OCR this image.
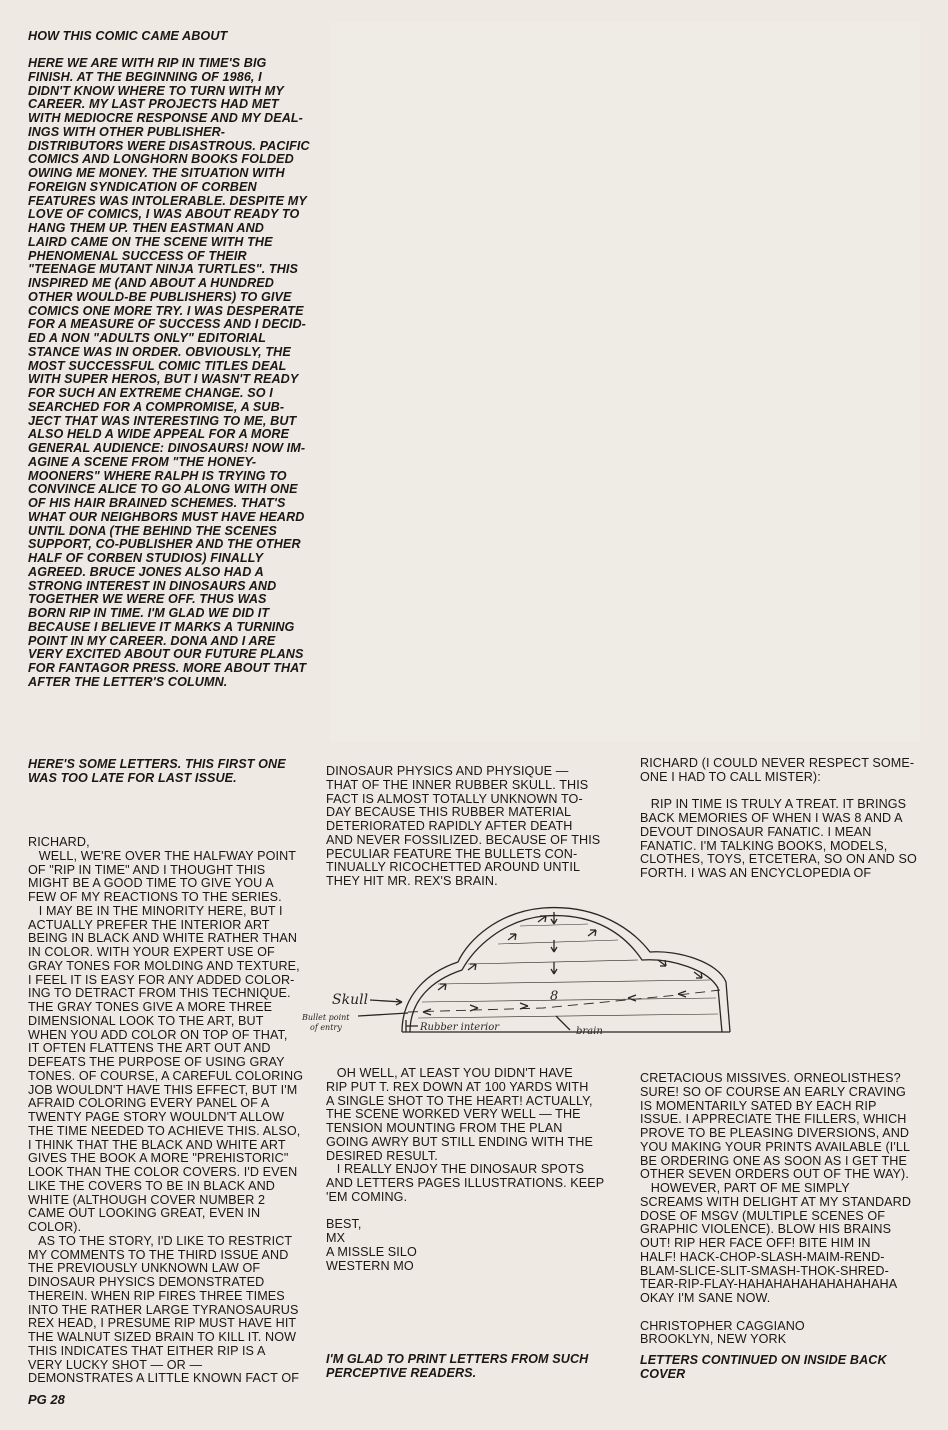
HOW THIS COMIC CAME ABOUT

HERE WE ARE WITH RIP IN TIME'S BIG
FINISH. AT THE BEGINNING OF 1986, I
DIDN'T KNOW WHERE TO TURN WITH MY
CAREER. MY LAST PROJECTS HAD MET
WITH MEDIOCRE RESPONSE AND MY DEAL-
INGS WITH OTHER PUBLISHER-
DISTRIBUTORS WERE DISASTROUS. PACIFIC
COMICS AND LONGHORN BOOKS FOLDED
OWING ME MONEY. THE SITUATION WITH
FOREIGN SYNDICATION OF CORBEN
FEATURES WAS INTOLERABLE. DESPITE MY
LOVE OF COMICS, I WAS ABOUT READY TO
HANG THEM UP. THEN EASTMAN AND
LAIRD CAME ON THE SCENE WITH THE
PHENOMENAL SUCCESS OF THEIR
"TEENAGE MUTANT NINJA TURTLES". THIS
INSPIRED ME (AND ABOUT A HUNDRED
OTHER WOULD-BE PUBLISHERS) TO GIVE
COMICS ONE MORE TRY. I WAS DESPERATE
FOR A MEASURE OF SUCCESS AND I DECID-
ED A NON "ADULTS ONLY" EDITORIAL
STANCE WAS IN ORDER. OBVIOUSLY, THE
MOST SUCCESSFUL COMIC TITLES DEAL
WITH SUPER HEROS, BUT I WASN'T READY
FOR SUCH AN EXTREME CHANGE. SO I
SEARCHED FOR A COMPROMISE, A SUB-
JECT THAT WAS INTERESTING TO ME, BUT
ALSO HELD A WIDE APPEAL FOR A MORE
GENERAL AUDIENCE: DINOSAURS! NOW IM-
AGINE A SCENE FROM "THE HONEY-
MOONERS" WHERE RALPH IS TRYING TO
CONVINCE ALICE TO GO ALONG WITH ONE
OF HIS HAIR BRAINED SCHEMES. THAT'S
WHAT OUR NEIGHBORS MUST HAVE HEARD
UNTIL DONA (THE BEHIND THE SCENES
SUPPORT, CO-PUBLISHER AND THE OTHER
HALF OF CORBEN STUDIOS) FINALLY
AGREED. BRUCE JONES ALSO HAD A
STRONG INTEREST IN DINOSAURS AND
TOGETHER WE WERE OFF. THUS WAS
BORN RIP IN TIME. I'M GLAD WE DID IT
BECAUSE I BELIEVE IT MARKS A TURNING
POINT IN MY CAREER. DONA AND I ARE
VERY EXCITED ABOUT OUR FUTURE PLANS
FOR FANTAGOR PRESS. MORE ABOUT THAT
AFTER THE LETTER'S COLUMN.

HERE'S SOME LETTERS. THIS FIRST ONE
WAS TOO LATE FOR LAST ISSUE.

RICHARD,
WELL, WE'RE OVER THE HALFWAY POINT
OF "RIP IN TIME" AND I THOUGHT THIS
MIGHT BE A GOOD TIME TO GIVE YOU A
FEW OF MY REACTIONS TO THE SERIES.
I MAY BE IN THE MINORITY HERE, BUT I
ACTUALLY PREFER THE INTERIOR ART
BEING IN BLACK AND WHITE RATHER THAN
IN COLOR. WITH YOUR EXPERT USE OF
GRAY TONES FOR MOLDING AND TEXTURE,
I FEEL IT IS EASY FOR ANY ADDED COLOR-
ING TO DETRACT FROM THIS TECHNIQUE.
THE GRAY TONES GIVE A MORE THREE
DIMENSIONAL LOOK TO THE ART, BUT
WHEN YOU ADD COLOR ON TOP OF THAT,
IT OFTEN FLATTENS THE ART OUT AND
DEFEATS THE PURPOSE OF USING GRAY
TONES. OF COURSE, A CAREFUL COLORING
JOB WOULDN'T HAVE THIS EFFECT, BUT I'M
AFRAID COLORING EVERY PANEL OF A
TWENTY PAGE STORY WOULDN'T ALLOW
THE TIME NEEDED TO ACHIEVE THIS. ALSO,
I THINK THAT THE BLACK AND WHITE ART
GIVES THE BOOK A MORE "PREHISTORIC"
LOOK THAN THE COLOR COVERS. I'D EVEN
LIKE THE COVERS TO BE IN BLACK AND
WHITE (ALTHOUGH COVER NUMBER 2
CAME OUT LOOKING GREAT, EVEN IN
COLOR).
AS TO THE STORY, I'D LIKE TO RESTRICT
MY COMMENTS TO THE THIRD ISSUE AND
THE PREVIOUSLY UNKNOWN LAW OF
DINOSAUR PHYSICS DEMONSTRATED
THEREIN. WHEN RIP FIRES THREE TIMES
INTO THE RATHER LARGE TYRANOSAURUS
REX HEAD, I PRESUME RIP MUST HAVE HIT
THE WALNUT SIZED BRAIN TO KILL IT. NOW
THIS INDICATES THAT EITHER RIP IS A
VERY LUCKY SHOT — OR —
DEMONSTRATES A LITTLE KNOWN FACT OF

DINOSAUR PHYSICS AND PHYSIQUE —
THAT OF THE INNER RUBBER SKULL. THIS
FACT IS ALMOST TOTALLY UNKNOWN TO-
DAY BECAUSE THIS RUBBER MATERIAL
DETERIORATED RAPIDLY AFTER DEATH
AND NEVER FOSSILIZED. BECAUSE OF THIS
PECULIAR FEATURE THE BULLETS CON-
TINUALLY RICOCHETTED AROUND UNTIL
THEY HIT MR. REX'S BRAIN.

OH WELL, AT LEAST YOU DIDN'T HAVE
RIP PUT T. REX DOWN AT 100 YARDS WITH
A SINGLE SHOT TO THE HEART! ACTUALLY,
THE SCENE WORKED VERY WELL — THE
TENSION MOUNTING FROM THE PLAN
GOING AWRY BUT STILL ENDING WITH THE
DESIRED RESULT.
I REALLY ENJOY THE DINOSAUR SPOTS
AND LETTERS PAGES ILLUSTRATIONS. KEEP
'EM COMING.

BEST,
MX
A MISSLE SILO
WESTERN MO

I'M GLAD TO PRINT LETTERS FROM SUCH
PERCEPTIVE READERS.

RICHARD (I COULD NEVER RESPECT SOME-
ONE I HAD TO CALL MISTER):

RIP IN TIME IS TRULY A TREAT. IT BRINGS
BACK MEMORIES OF WHEN I WAS 8 AND A
DEVOUT DINOSAUR FANATIC. I MEAN
FANATIC. I'M TALKING BOOKS, MODELS,
CLOTHES, TOYS, ETCETERA, SO ON AND SO
FORTH. I WAS AN ENCYCLOPEDIA OF

CRETACIOUS MISSIVES. ORNEOLISTHES?
SURE! SO OF COURSE AN EARLY CRAVING
IS MOMENTARILY SATED BY EACH RIP
ISSUE. I APPRECIATE THE FILLERS, WHICH
PROVE TO BE PLEASING DIVERSIONS, AND
YOU MAKING YOUR PRINTS AVAILABLE (I'LL
BE ORDERING ONE AS SOON AS I GET THE
OTHER SEVEN ORDERS OUT OF THE WAY).
HOWEVER, PART OF ME SIMPLY
SCREAMS WITH DELIGHT AT MY STANDARD
DOSE OF MSGV (MULTIPLE SCENES OF
GRAPHIC VIOLENCE). BLOW HIS BRAINS
OUT! RIP HER FACE OFF! BITE HIM IN
HALF! HACK-CHOP-SLASH-MAIM-REND-
BLAM-SLICE-SLIT-SMASH-THOK-SHRED-
TEAR-RIP-FLAY-HAHAHAHAHAHAHAHAHA
OKAY I'M SANE NOW.

CHRISTOPHER CAGGIANO
BROOKLYN, NEW YORK

LETTERS CONTINUED ON INSIDE BACK
COVER

Skull
Bullet point
of entry	Rubber interior	brain
8
PG 28
